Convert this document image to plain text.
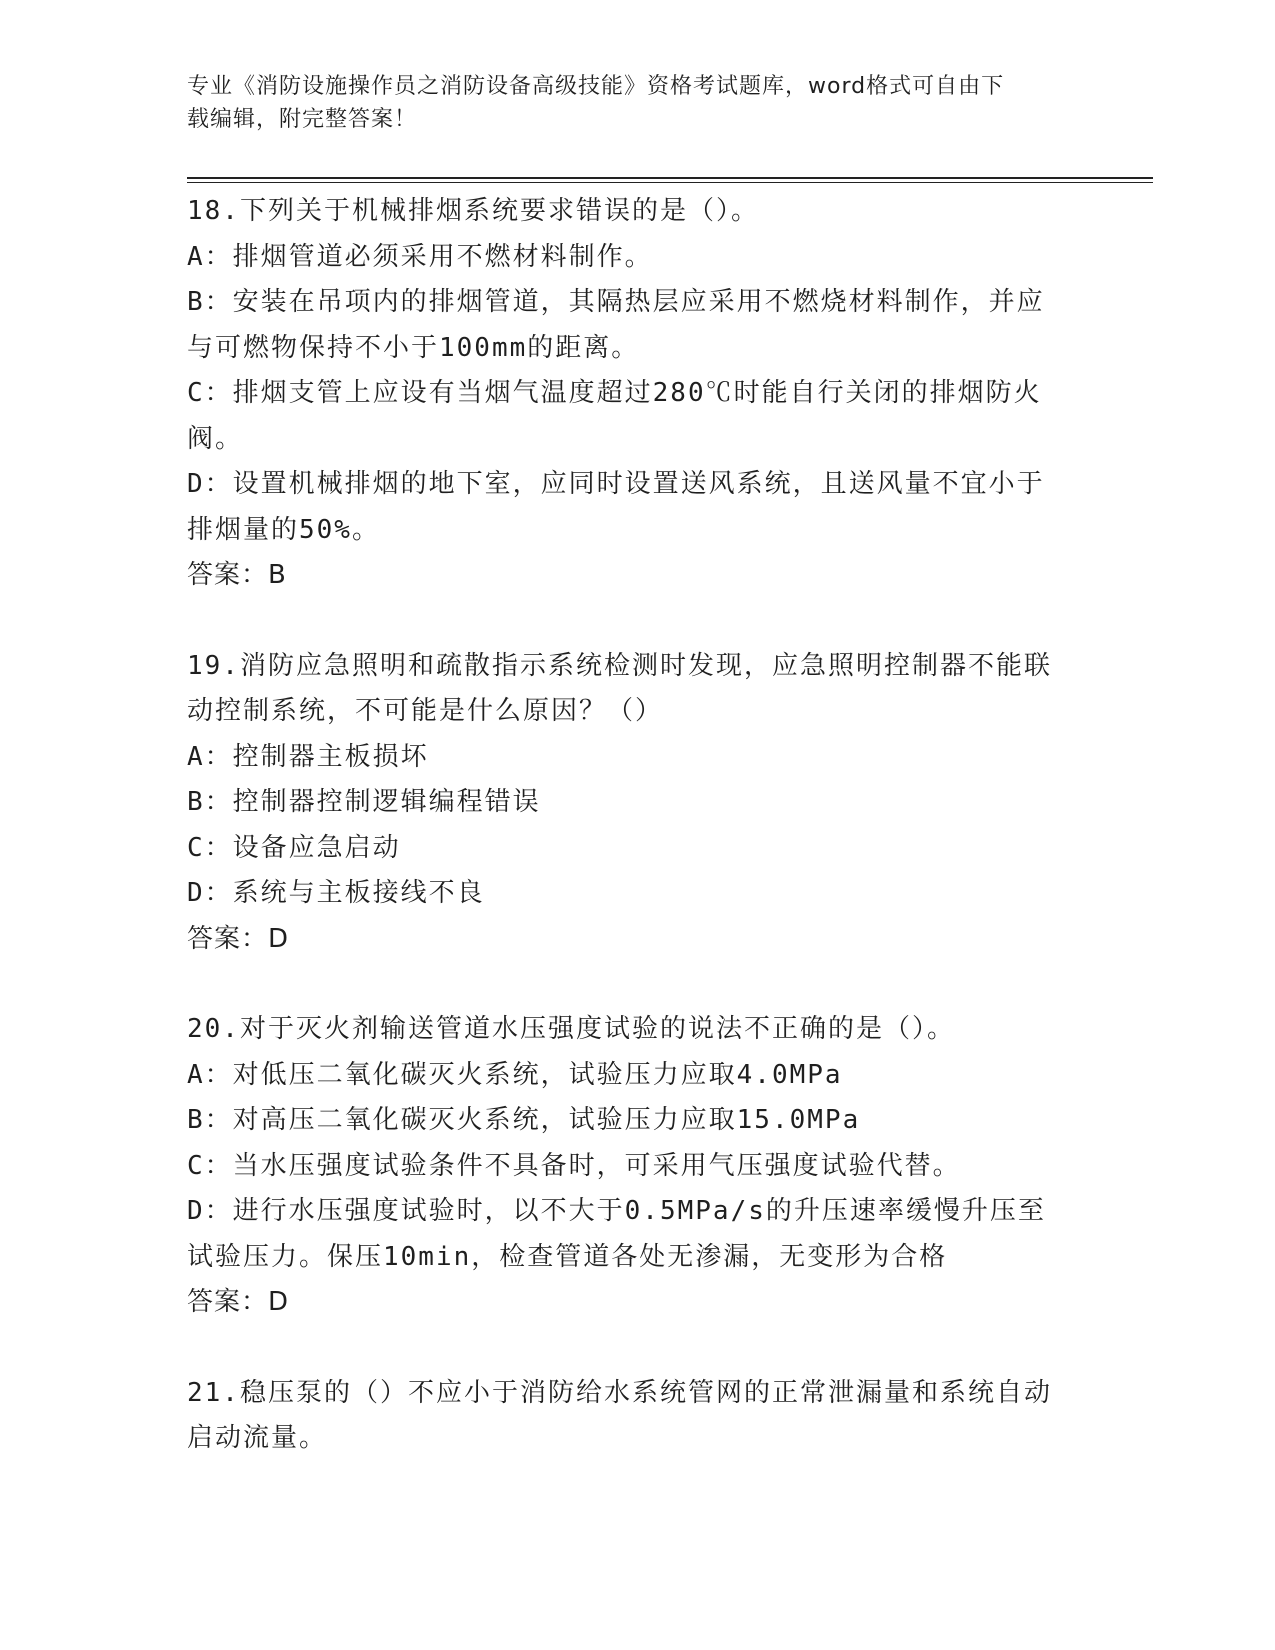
专业《消防设施操作员之消防设备高级技能》资格考试题库，word格式可自由下
载编辑，附完整答案！

18.下列关于机械排烟系统要求错误的是（）。

A：排烟管道必须采用不燃材料制作。

B：安装在吊项内的排烟管道，其隔热层应采用不燃烧材料制作，并应

与可燃物保持不小于100mm的距离。

C：排烟支管上应设有当烟气温度超过280℃时能自行关闭的排烟防火

阀。

D：设置机械排烟的地下室，应同时设置送风系统，且送风量不宜小于

排烟量的50%。

答案：B

19.消防应急照明和疏散指示系统检测时发现，应急照明控制器不能联

动控制系统，不可能是什么原因？（）

A：控制器主板损坏

B：控制器控制逻辑编程错误

C：设备应急启动

D：系统与主板接线不良

答案：D

20.对于灭火剂输送管道水压强度试验的说法不正确的是（）。

A：对低压二氧化碳灭火系统，试验压力应取4.0MPa

B：对高压二氧化碳灭火系统，试验压力应取15.0MPa

C：当水压强度试验条件不具备时，可采用气压强度试验代替。

D：进行水压强度试验时，以不大于0.5MPa/s的升压速率缓慢升压至

试验压力。保压10min，检查管道各处无渗漏，无变形为合格

答案：D

21.稳压泵的（）不应小于消防给水系统管网的正常泄漏量和系统自动

启动流量。
